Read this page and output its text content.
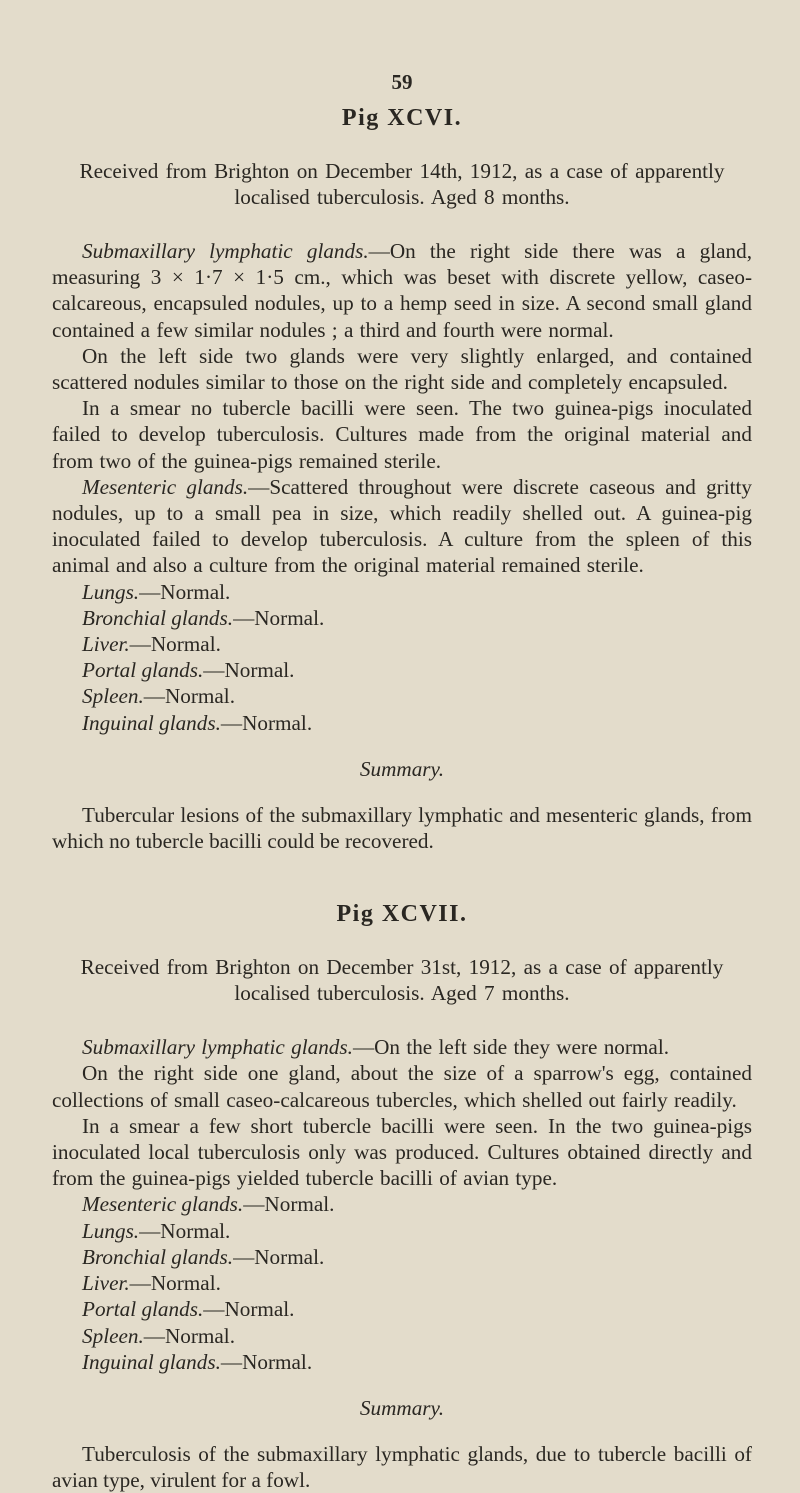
59
Pig XCVI.

Received from Brighton on December 14th, 1912, as a case of apparently localised tuberculosis. Aged 8 months.

Submaxillary lymphatic glands.—On the right side there was a gland, measuring 3 × 1·7 × 1·5 cm., which was beset with discrete yellow, caseo-calcareous, encapsuled nodules, up to a hemp seed in size. A second small gland contained a few similar nodules ; a third and fourth were normal.

On the left side two glands were very slightly enlarged, and contained scattered nodules similar to those on the right side and completely encapsuled.

In a smear no tubercle bacilli were seen. The two guinea-pigs inoculated failed to develop tuberculosis. Cultures made from the original material and from two of the guinea-pigs remained sterile.

Mesenteric glands.—Scattered throughout were discrete caseous and gritty nodules, up to a small pea in size, which readily shelled out. A guinea-pig inoculated failed to develop tuberculosis. A culture from the spleen of this animal and also a culture from the original material remained sterile.

Lungs.—Normal.

Bronchial glands.—Normal.

Liver.—Normal.

Portal glands.—Normal.

Spleen.—Normal.

Inguinal glands.—Normal.

Summary.

Tubercular lesions of the submaxillary lymphatic and mesenteric glands, from which no tubercle bacilli could be recovered.

Pig XCVII.

Received from Brighton on December 31st, 1912, as a case of apparently localised tuberculosis. Aged 7 months.

Submaxillary lymphatic glands.—On the left side they were normal.

On the right side one gland, about the size of a sparrow's egg, contained collections of small caseo-calcareous tubercles, which shelled out fairly readily.

In a smear a few short tubercle bacilli were seen. In the two guinea-pigs inoculated local tuberculosis only was produced. Cultures obtained directly and from the guinea-pigs yielded tubercle bacilli of avian type.

Mesenteric glands.—Normal.

Lungs.—Normal.

Bronchial glands.—Normal.

Liver.—Normal.

Portal glands.—Normal.

Spleen.—Normal.

Inguinal glands.—Normal.

Summary.

Tuberculosis of the submaxillary lymphatic glands, due to tubercle bacilli of avian type, virulent for a fowl.
